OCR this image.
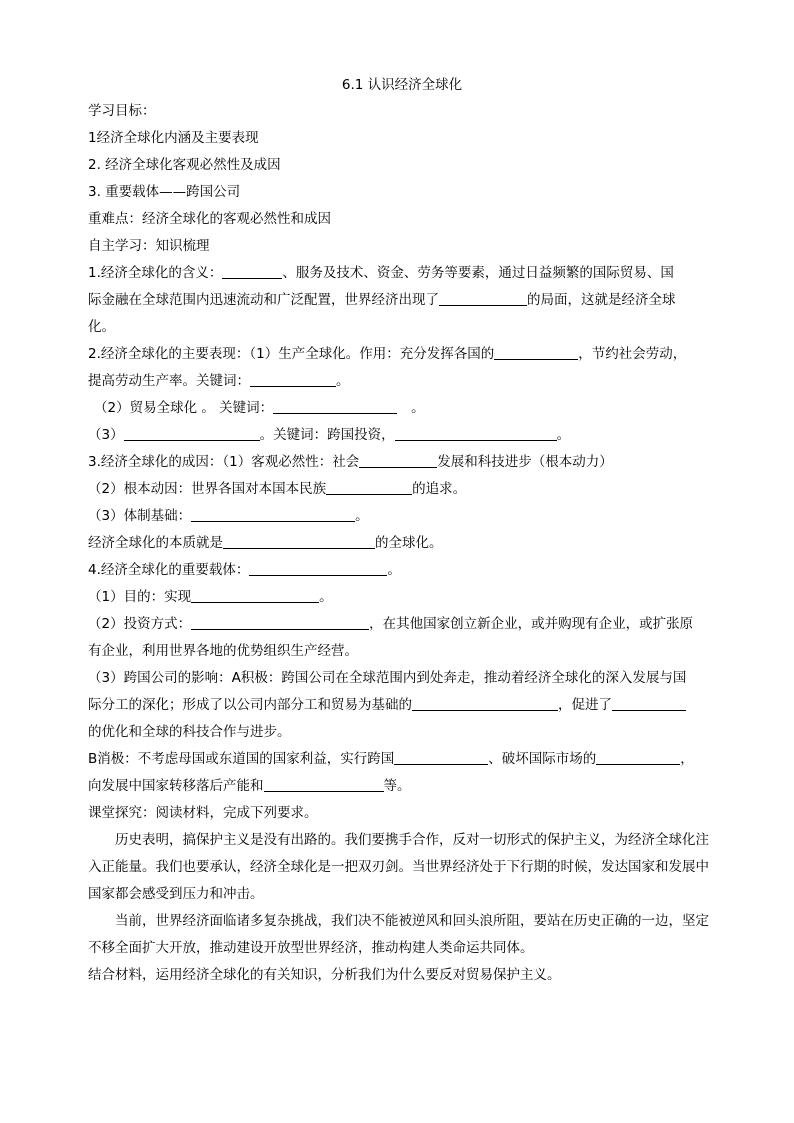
6.1 认识经济全球化
学习目标：
1经济全球化内涵及主要表现
2. 经济全球化客观必然性及成因
3. 重要载体——跨国公司
重难点：经济全球化的客观必然性和成因
自主学习：知识梳理
1.经济全球化的含义：	、服务及技术、资金、劳务等要素，通过日益频繁的国际贸易、国
际金融在全球范围内迅速流动和广泛配置，世界经济出现了	的局面，这就是经济全球
化。
2.经济全球化的主要表现：（1）生产全球化。作用：充分发挥各国的	，节约社会劳动，
提高劳动生产率。关键词：	。
（2）贸易全球化 。 关键词：	。
（3）	。关键词：跨国投资，	。
3.经济全球化的成因：（1）客观必然性：社会	发展和科技进步（根本动力）
（2）根本动因：世界各国对本国本民族	的追求。
（3）体制基础：	。
经济全球化的本质就是	的全球化。
4.经济全球化的重要载体：	。
（1）目的：实现	。
（2）投资方式：	，在其他国家创立新企业，或并购现有企业，或扩张原
有企业，利用世界各地的优势组织生产经营。
（3）跨国公司的影响：A积极：跨国公司在全球范围内到处奔走，推动着经济全球化的深入发展与国
际分工的深化；形成了以公司内部分工和贸易为基础的	，促进了
的优化和全球的科技合作与进步。
B消极：不考虑母国或东道国的国家利益，实行跨国	、破坏国际市场的	，
向发展中国家转移落后产能和	等。
课堂探究：阅读材料，完成下列要求。
历史表明，搞保护主义是没有出路的。我们要携手合作，反对一切形式的保护主义，为经济全球化注入正能量。我们也要承认，经济全球化是一把双刃剑。当世界经济处于下行期的时候，发达国家和发展中国家都会感受到压力和冲击。
当前，世界经济面临诸多复杂挑战，我们决不能被逆风和回头浪所阻，要站在历史正确的一边，坚定不移全面扩大开放，推动建设开放型世界经济，推动构建人类命运共同体。
结合材料，运用经济全球化的有关知识，分析我们为什么要反对贸易保护主义。
